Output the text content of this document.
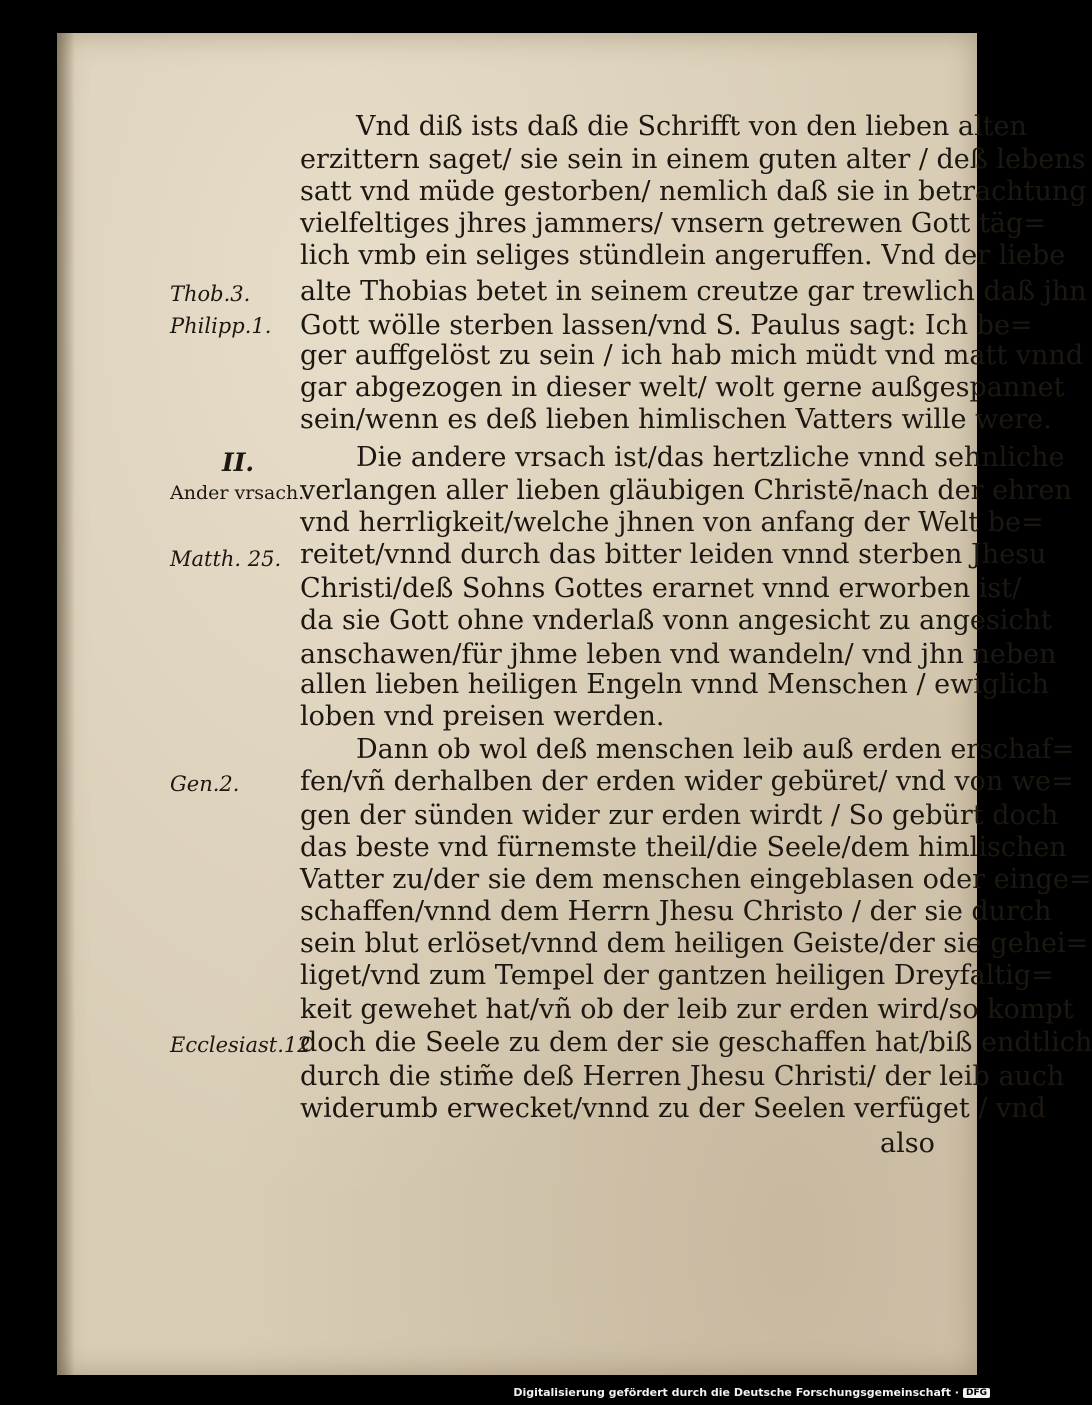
Vnd diß ists daß die Schrifft von den lieben alten
erzittern saget/ sie sein in einem guten alter / deß lebens
satt vnd müde gestorben/ nemlich daß sie in betrachtung
vielfeltiges jhres jammers/ vnsern getrewen Gott täg=
lich vmb ein seliges stündlein angeruffen. Vnd der liebe
alte Thobias betet in seinem creutze gar trewlich daß jhn
Gott wölle sterben lassen/vnd S. Paulus sagt: Ich be=
ger auffgelöst zu sein / ich hab mich müdt vnd matt vnnd
gar abgezogen in dieser welt/ wolt gerne außgespannet
sein/wenn es deß lieben himlischen Vatters wille were.
Die andere vrsach ist/das hertzliche vnnd sehnliche
verlangen aller lieben gläubigen Christē/nach der ehren
vnd herrligkeit/welche jhnen von anfang der Welt be=
reitet/vnnd durch das bitter leiden vnnd sterben Jhesu
Christi/deß Sohns Gottes erarnet vnnd erworben ist/
da sie Gott ohne vnderlaß vonn angesicht zu angesicht
anschawen/für jhme leben vnd wandeln/ vnd jhn neben
allen lieben heiligen Engeln vnnd Menschen / ewiglich
loben vnd preisen werden.
Dann ob wol deß menschen leib auß erden erschaf=
fen/vñ derhalben der erden wider gebüret/ vnd von we=
gen der sünden wider zur erden wirdt / So gebürt doch
das beste vnd fürnemste theil/die Seele/dem himlischen
Vatter zu/der sie dem menschen eingeblasen oder einge=
schaffen/vnnd dem Herrn Jhesu Christo / der sie durch
sein blut erlöset/vnnd dem heiligen Geiste/der sie gehei=
liget/vnd zum Tempel der gantzen heiligen Dreyfaltig=
keit gewehet hat/vñ ob der leib zur erden wird/so kompt
doch die Seele zu dem der sie geschaffen hat/biß endtlich
durch die stim̃e deß Herren Jhesu Christi/ der leib auch
widerumb erwecket/vnnd zu der Seelen verfüget / vnd
also
Thob.3.
Philipp.1.
II.
Ander vrsach.
Matth. 25.
Gen.2.
Ecclesiast.12
Digitalisierung gefördert durch die Deutsche Forschungsgemeinschaft · DFG
